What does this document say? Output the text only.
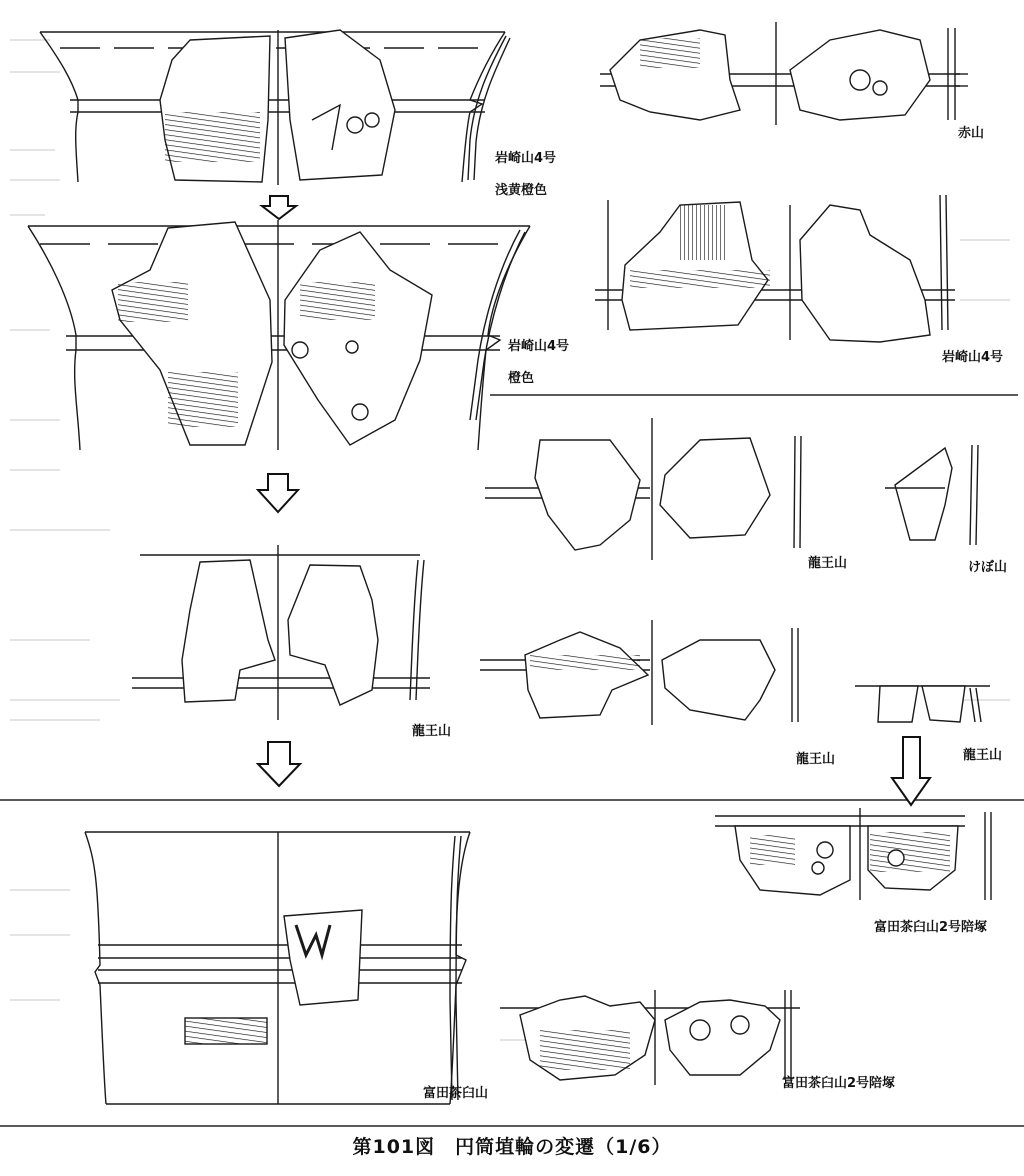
岩崎山4号
浅黄橙色
岩崎山4号
橙色
赤山
岩崎山4号
龍王山
龍王山	けぼ山
龍王山	龍王山
富田茶臼山2号陪塚
富田茶臼山
富田茶臼山2号陪塚
第101図　円筒埴輪の変遷（1/6）
